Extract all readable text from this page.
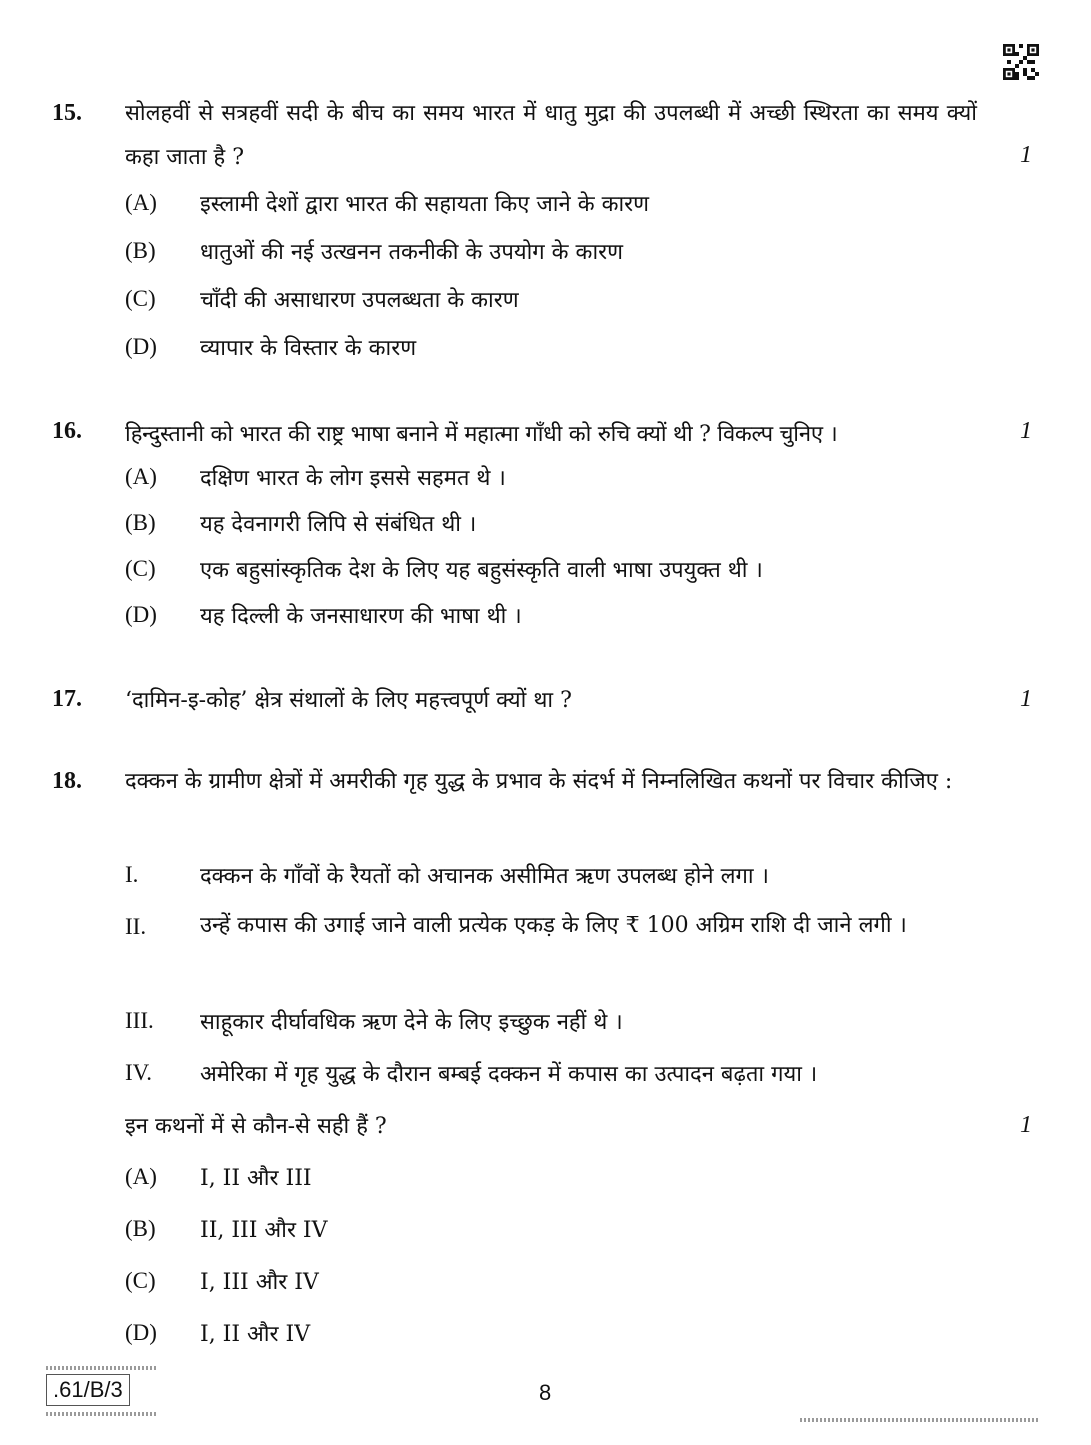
15. सोलहवीं से सत्रहवीं सदी के बीच का समय भारत में धातु मुद्रा की उपलब्धी में अच्छी स्थिरता का समय क्यों कहा जाता है ?	1
(A) इस्लामी देशों द्वारा भारत की सहायता किए जाने के कारण
(B) धातुओं की नई उत्खनन तकनीकी के उपयोग के कारण
(C) चाँदी की असाधारण उपलब्धता के कारण
(D) व्यापार के विस्तार के कारण
16. हिन्दुस्तानी को भारत की राष्ट्र भाषा बनाने में महात्मा गाँधी को रुचि क्यों थी ? विकल्प चुनिए ।	1
(A) दक्षिण भारत के लोग इससे सहमत थे ।
(B) यह देवनागरी लिपि से संबंधित थी ।
(C) एक बहुसांस्कृतिक देश के लिए यह बहुसंस्कृति वाली भाषा उपयुक्त थी ।
(D) यह दिल्ली के जनसाधारण की भाषा थी ।
17. ‘दामिन-इ-कोह’ क्षेत्र संथालों के लिए महत्त्वपूर्ण क्यों था ?	1
18. दक्कन के ग्रामीण क्षेत्रों में अमरीकी गृह युद्ध के प्रभाव के संदर्भ में निम्नलिखित कथनों पर विचार कीजिए :
I.	दक्कन के गाँवों के रैयतों को अचानक असीमित ऋण उपलब्ध होने लगा ।
II. उन्हें कपास की उगाई जाने वाली प्रत्येक एकड़ के लिए ₹ 100 अग्रिम राशि दी जाने लगी ।
III. साहूकार दीर्घावधिक ऋण देने के लिए इच्छुक नहीं थे ।
IV. अमेरिका में गृह युद्ध के दौरान बम्बई दक्कन में कपास का उत्पादन बढ़ता गया ।
इन कथनों में से कौन-से सही हैं ?	1
(A) I, II और III
(B) II, III और IV
(C) I, III और IV
(D) I, II और IV
.61/B/3	8
